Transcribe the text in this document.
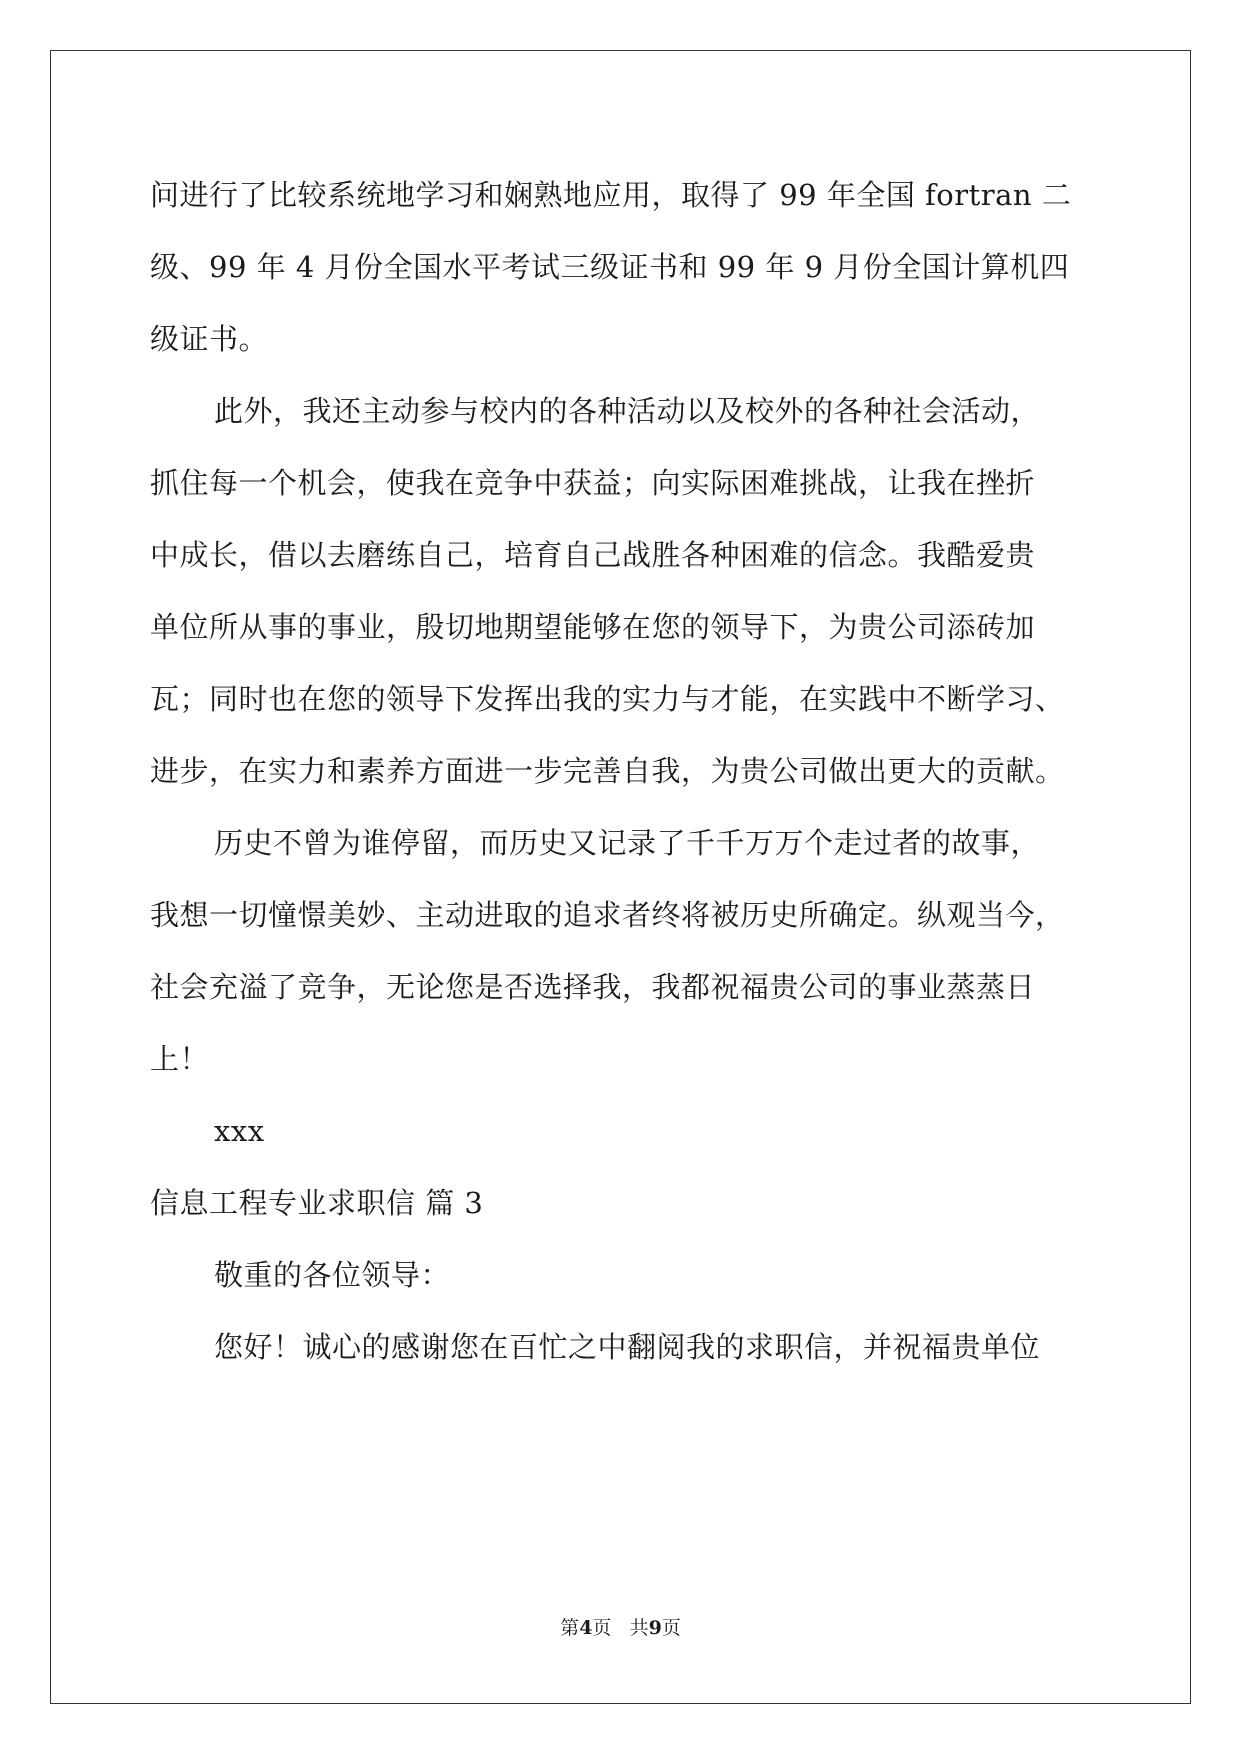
问进行了比较系统地学习和娴熟地应用，取得了 99 年全国 fortran 二
级、99 年 4 月份全国水平考试三级证书和 99 年 9 月份全国计算机四
级证书。
此外，我还主动参与校内的各种活动以及校外的各种社会活动，
抓住每一个机会，使我在竞争中获益；向实际困难挑战，让我在挫折
中成长，借以去磨练自己，培育自己战胜各种困难的信念。我酷爱贵
单位所从事的事业，殷切地期望能够在您的领导下，为贵公司添砖加
瓦；同时也在您的领导下发挥出我的实力与才能，在实践中不断学习、
进步，在实力和素养方面进一步完善自我，为贵公司做出更大的贡献。
历史不曾为谁停留，而历史又记录了千千万万个走过者的故事，
我想一切憧憬美妙、主动进取的追求者终将被历史所确定。纵观当今，
社会充溢了竞争，无论您是否选择我，我都祝福贵公司的事业蒸蒸日
上！
xxx
信息工程专业求职信 篇 3
敬重的各位领导：
您好！诚心的感谢您在百忙之中翻阅我的求职信，并祝福贵单位
第4页 共9页
